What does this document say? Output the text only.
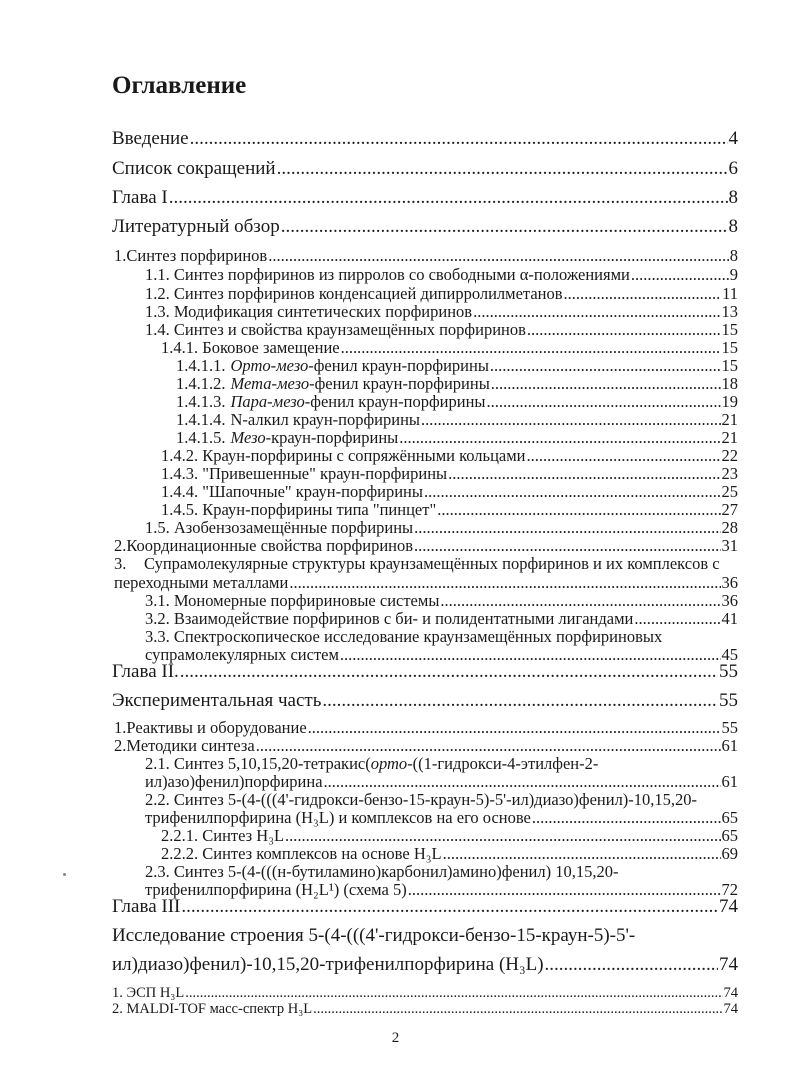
Оглавление
Введение .....	4
Список сокращений .....	6
Глава I .....	8
Литературный обзор .....	8
1. Синтез порфиринов .....	8
1.1. Синтез порфиринов из пирролов со свободными α-положениями .....	9
1.2. Синтез порфиринов конденсацией дипирролилметанов .....	11
1.3. Модификация синтетических порфиринов .....	13
1.4. Синтез и свойства краунзамещённых порфиринов .....	15
1.4.1. Боковое замещение .....	15
1.4.1.1. Орто-мезо -фенил краун-порфирины .....	15
1.4.1.2. Мета-мезо -фенил краун-порфирины .....	18
1.4.1.3. Пара-мезо -фенил краун-порфирины .....	19
1.4.1.4. N-алкил краун-порфирины .....	21
1.4.1.5. Мезо -краун-порфирины .....	21
1.4.2. Краун-порфирины с сопряжёнными кольцами .....	22
1.4.3. "Привешенные" краун-порфирины .....	23
1.4.4. "Шапочные" краун-порфирины .....	25
1.4.5. Краун-порфирины типа "пинцет" .....	27
1.5. Азобензозамещённые порфирины .....	28
2. Координационные свойства порфиринов .....	31
3. Супрамолекулярные структуры краунзамещённых порфиринов и их комплексов с
переходными металлами .....	36
3.1. Мономерные порфириновые системы .....	36
3.2. Взаимодействие порфиринов с би- и полидентатными лигандами .....	41
3.3. Спектроскопическое исследование краунзамещённых порфириновых
супрамолекулярных систем .....	45
Глава II. .....	55
Экспериментальная часть .....	55
1. Реактивы и оборудование .....	55
2. Методики синтеза .....	61
2.1. Синтез 5,10,15,20-тетракис(орто-((1-гидрокси-4-этилфен-2-
ил)азо)фенил)порфирина .....	61
2.2. Синтез 5-(4-(((4'-гидрокси-бензо-15-краун-5)-5'-ил)диазо)фенил)-10,15,20-
трифенилпорфирина (H₃L) и комплексов на его основе .....	65
2.2.1. Синтез H₃L .....	65
2.2.2. Синтез комплексов на основе H₃L .....	69
2.3. Синтез 5-(4-(((н-бутиламино)карбонил)амино)фенил) 10,15,20-
трифенилпорфирина (H₂L¹) (схема 5) .....	72
Глава III .....	74
Исследование строения 5-(4-(((4'-гидрокси-бензо-15-краун-5)-5'-
ил)диазо)фенил)-10,15,20-трифенилпорфирина (H₃L) .....	74
1. ЭСП H₃L .....	74
2. MALDI-TOF масс-спектр H₃L .....	74
2
